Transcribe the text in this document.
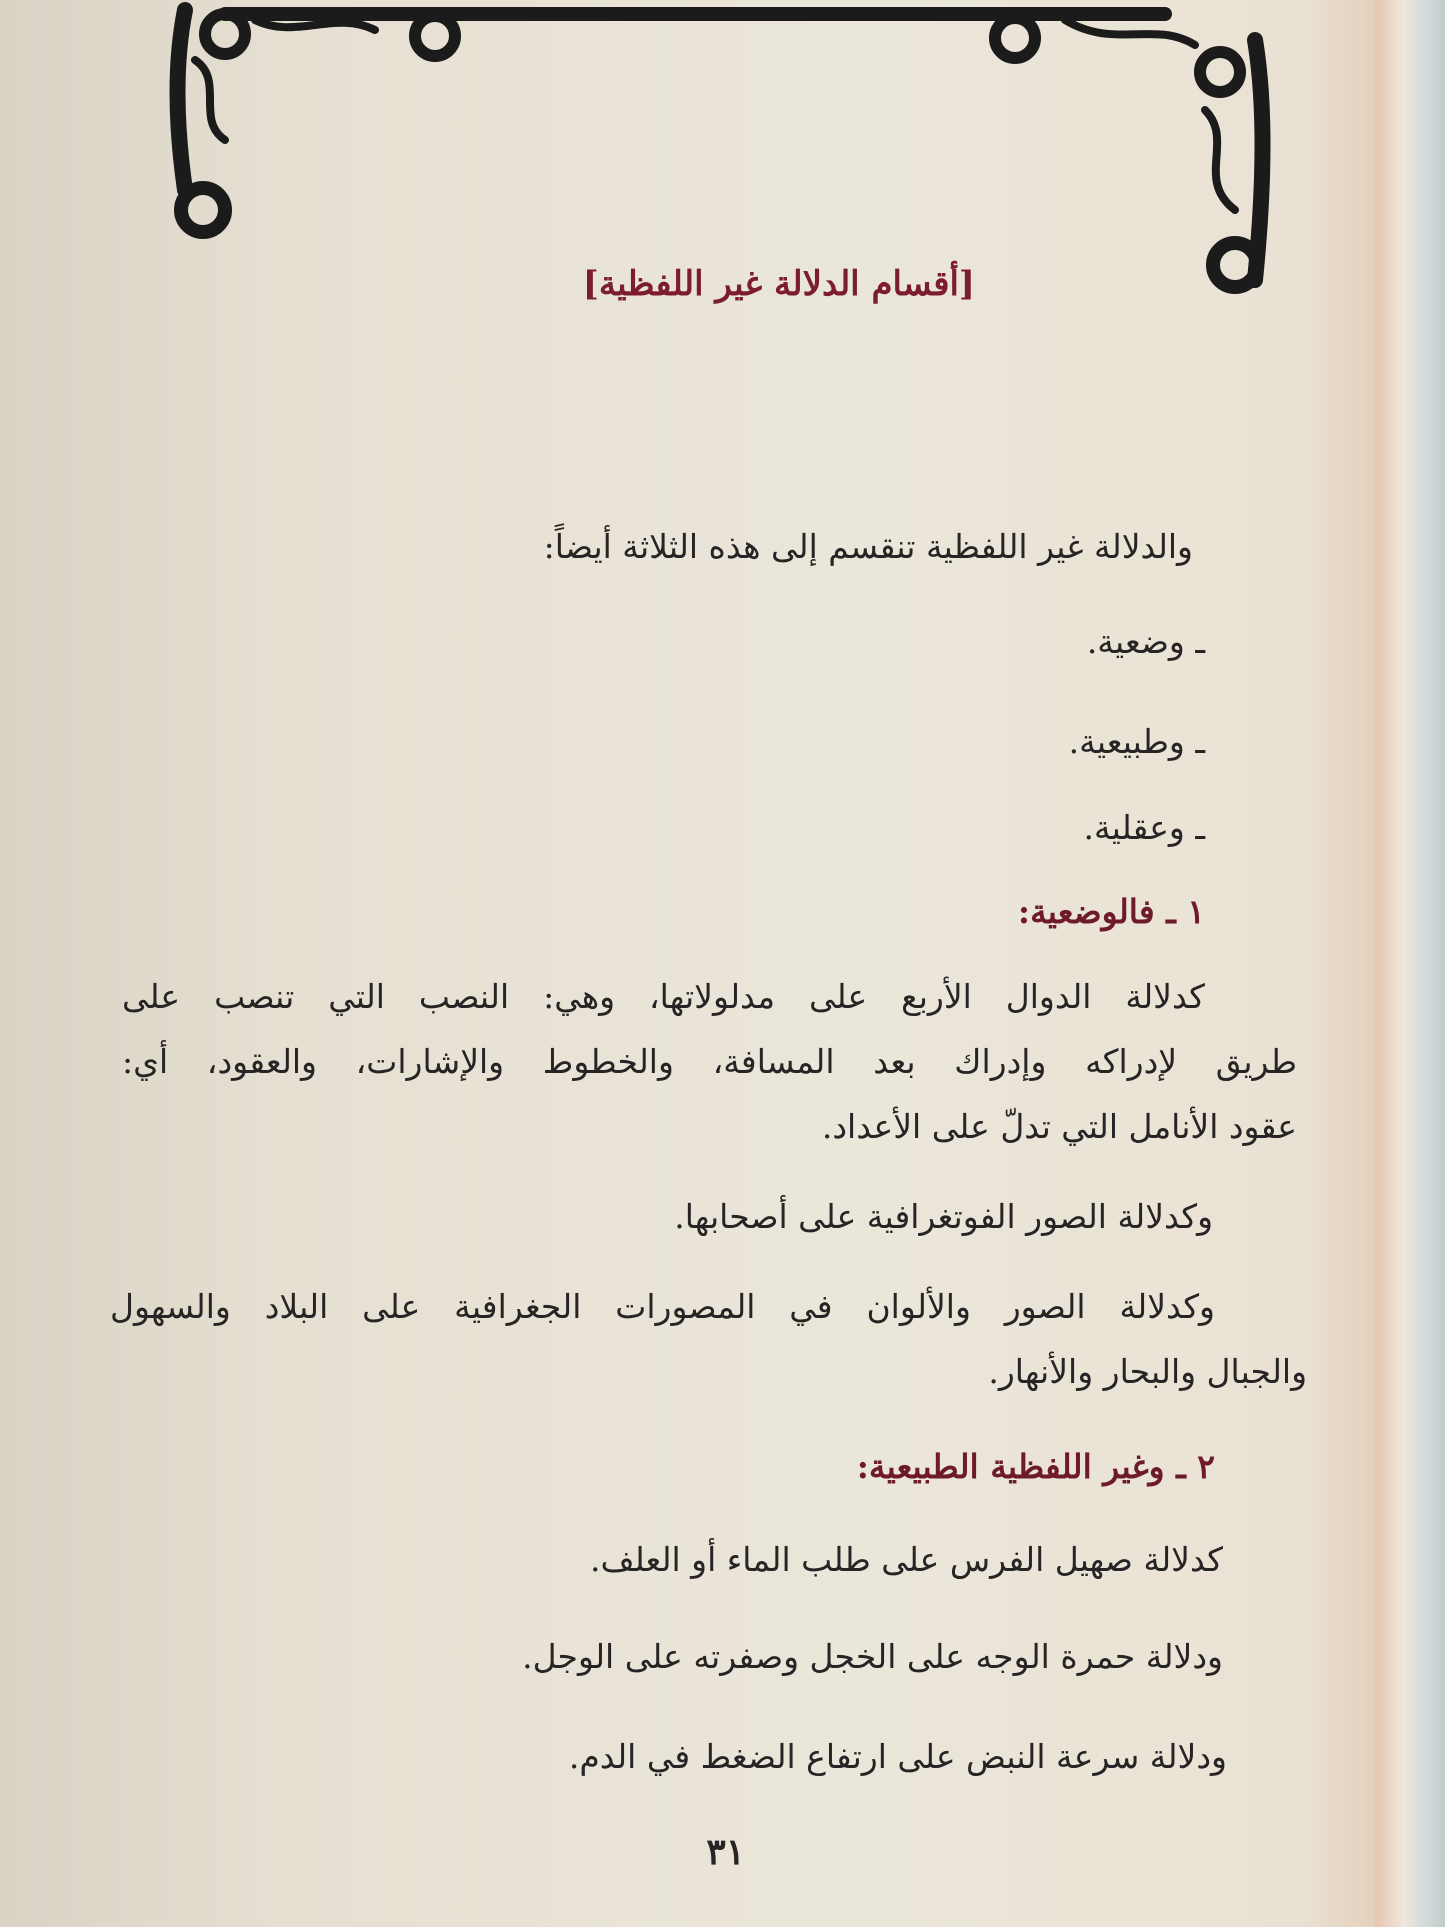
[أقسام الدلالة غير اللفظية]
والدلالة غير اللفظية تنقسم إلى هذه الثلاثة أيضاً:
ـ وضعية.
ـ وطبيعية.
ـ وعقلية.
١ ـ فالوضعية:
كدلالة الدوال الأربع على مدلولاتها، وهي: النصب التي تنصب على
طريق لإدراكه وإدراك بعد المسافة، والخطوط والإشارات، والعقود، أي:
عقود الأنامل التي تدلّ على الأعداد.
وكدلالة الصور الفوتغرافية على أصحابها.
وكدلالة الصور والألوان في المصورات الجغرافية على البلاد والسهول
والجبال والبحار والأنهار.
٢ ـ وغير اللفظية الطبيعية:
كدلالة صهيل الفرس على طلب الماء أو العلف.
ودلالة حمرة الوجه على الخجل وصفرته على الوجل.
ودلالة سرعة النبض على ارتفاع الضغط في الدم.
٣١
